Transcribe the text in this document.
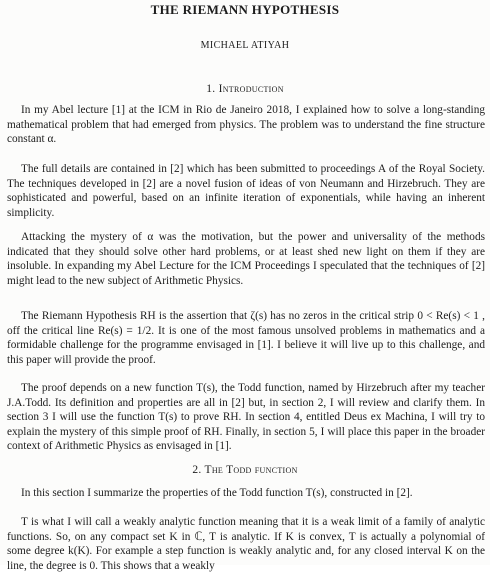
THE RIEMANN HYPOTHESIS
MICHAEL ATIYAH
1. Introduction

In my Abel lecture [1] at the ICM in Rio de Janeiro 2018, I explained how to solve a long-standing mathematical problem that had emerged from physics. The problem was to understand the fine structure constant α.

The full details are contained in [2] which has been submitted to proceedings A of the Royal Society. The techniques developed in [2] are a novel fusion of ideas of von Neumann and Hirzebruch. They are sophisticated and powerful, based on an infinite iteration of exponentials, while having an inherent simplicity.

Attacking the mystery of α was the motivation, but the power and universality of the methods indicated that they should solve other hard problems, or at least shed new light on them if they are insoluble. In expanding my Abel Lecture for the ICM Proceedings I speculated that the techniques of [2] might lead to the new subject of Arithmetic Physics.

The Riemann Hypothesis RH is the assertion that ζ(s) has no zeros in the critical strip 0 < Re(s) < 1 , off the critical line Re(s) = 1/2. It is one of the most famous unsolved problems in mathematics and a formidable challenge for the programme envisaged in [1]. I believe it will live up to this challenge, and this paper will provide the proof.

The proof depends on a new function T(s), the Todd function, named by Hirzebruch after my teacher J.A.Todd. Its definition and properties are all in [2] but, in section 2, I will review and clarify them. In section 3 I will use the function T(s) to prove RH. In section 4, entitled Deus ex Machina, I will try to explain the mystery of this simple proof of RH. Finally, in section 5, I will place this paper in the broader context of Arithmetic Physics as envisaged in [1].

2. The Todd function

In this section I summarize the properties of the Todd function T(s), constructed in [2].

T is what I will call a weakly analytic function meaning that it is a weak limit of a family of analytic functions. So, on any compact set K in ℂ, T is analytic. If K is convex, T is actually a polynomial of some degree k(K). For example a step function is weakly analytic and, for any closed interval K on the line, the degree is 0. This shows that a weakly
